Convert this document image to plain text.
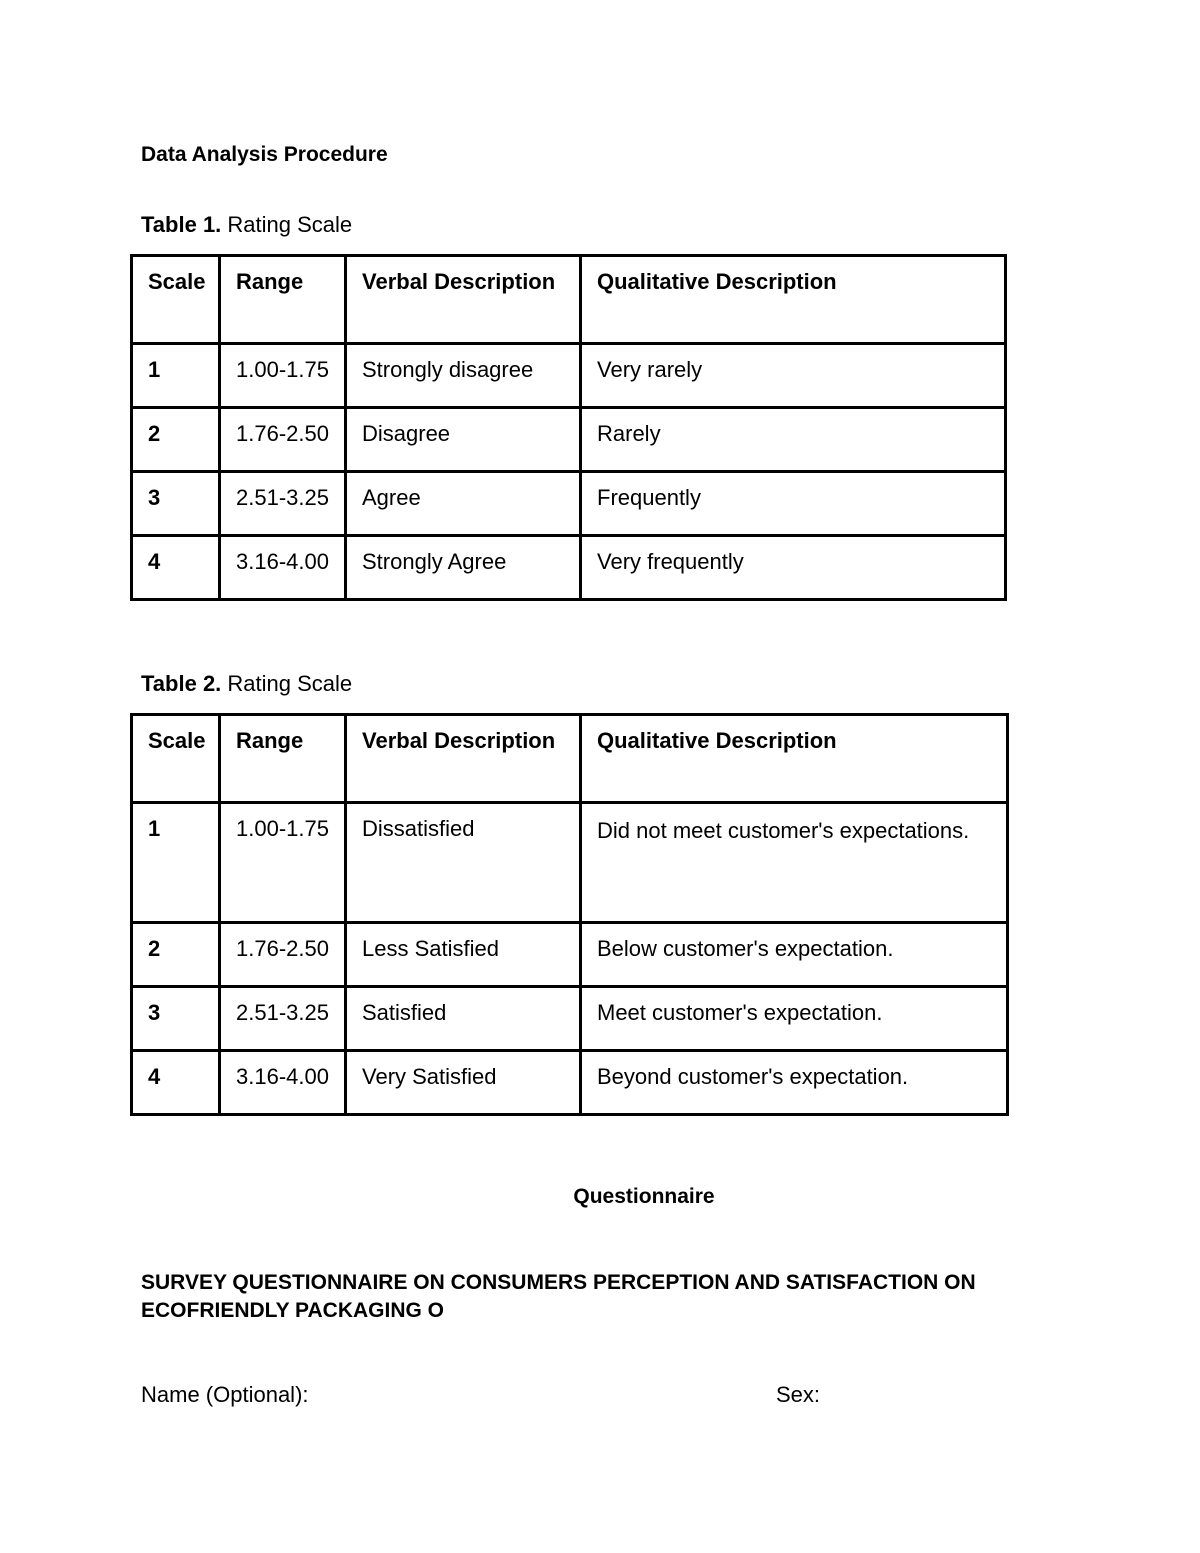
Data Analysis Procedure
Table 1. Rating Scale
Scale	Range	Verbal Description	Qualitative Description
1	1.00-1.75	Strongly disagree	Very rarely
2	1.76-2.50	Disagree	Rarely
3	2.51-3.25	Agree	Frequently
4	3.16-4.00	Strongly Agree	Very frequently
Table 2. Rating Scale
Scale	Range	Verbal Description	Qualitative Description
1	1.00-1.75	Dissatisfied	Did not meet customer's expectations.
2	1.76-2.50	Less Satisfied	Below customer's expectation.
3	2.51-3.25	Satisfied	Meet customer's expectation.
4	3.16-4.00	Very Satisfied	Beyond customer's expectation.
Questionnaire
SURVEY QUESTIONNAIRE ON CONSUMERS PERCEPTION AND SATISFACTION ON ECOFRIENDLY PACKAGING O
Name (Optional):	Sex:
